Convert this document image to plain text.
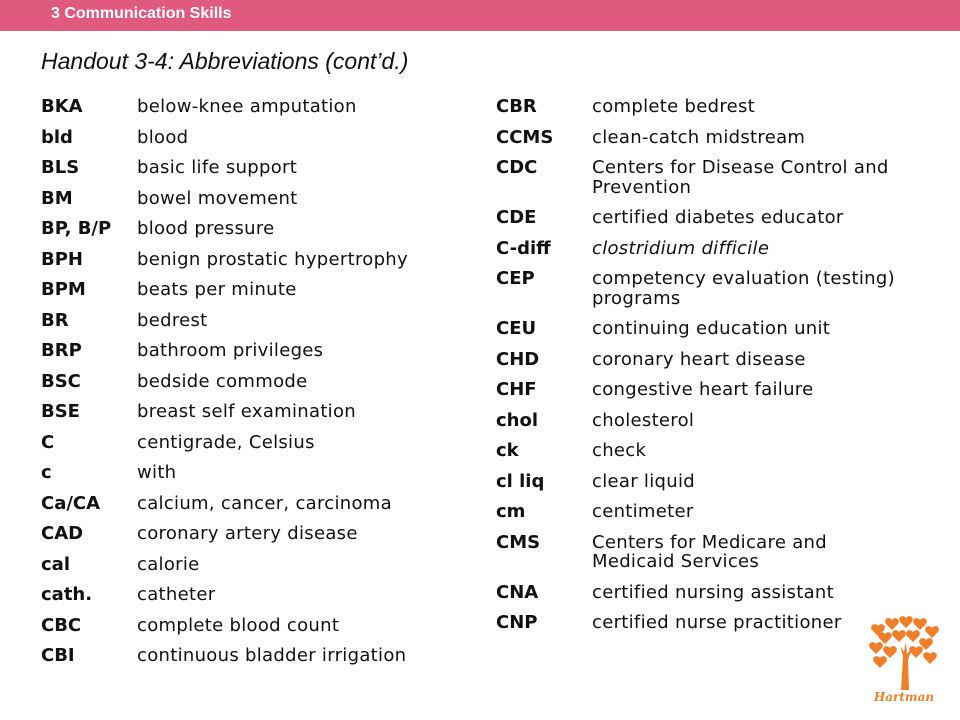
3 Communication Skills
Handout 3-4: Abbreviations (cont’d.)
BKA	below-knee amputation
bld	blood
BLS	basic life support
BM	bowel movement
BP, B/P	blood pressure
BPH	benign prostatic hypertrophy
BPM	beats per minute
BR	bedrest
BRP	bathroom privileges
BSC	bedside commode
BSE	breast self examination
C	centigrade, Celsius
c	with
Ca/CA	calcium, cancer, carcinoma
CAD	coronary artery disease
cal	calorie
cath.	catheter
CBC	complete blood count
CBI	continuous bladder irrigation
CBR	complete bedrest
CCMS	clean-catch midstream
CDC	Centers for Disease Control and Prevention
CDE	certified diabetes educator
C-diff	clostridium difficile
CEP	competency evaluation (testing) programs
CEU	continuing education unit
CHD	coronary heart disease
CHF	congestive heart failure
chol	cholesterol
ck	check
cl liq	clear liquid
cm	centimeter
CMS	Centers for Medicare and Medicaid Services
CNA	certified nursing assistant
CNP	certified nurse practitioner
Hartman
